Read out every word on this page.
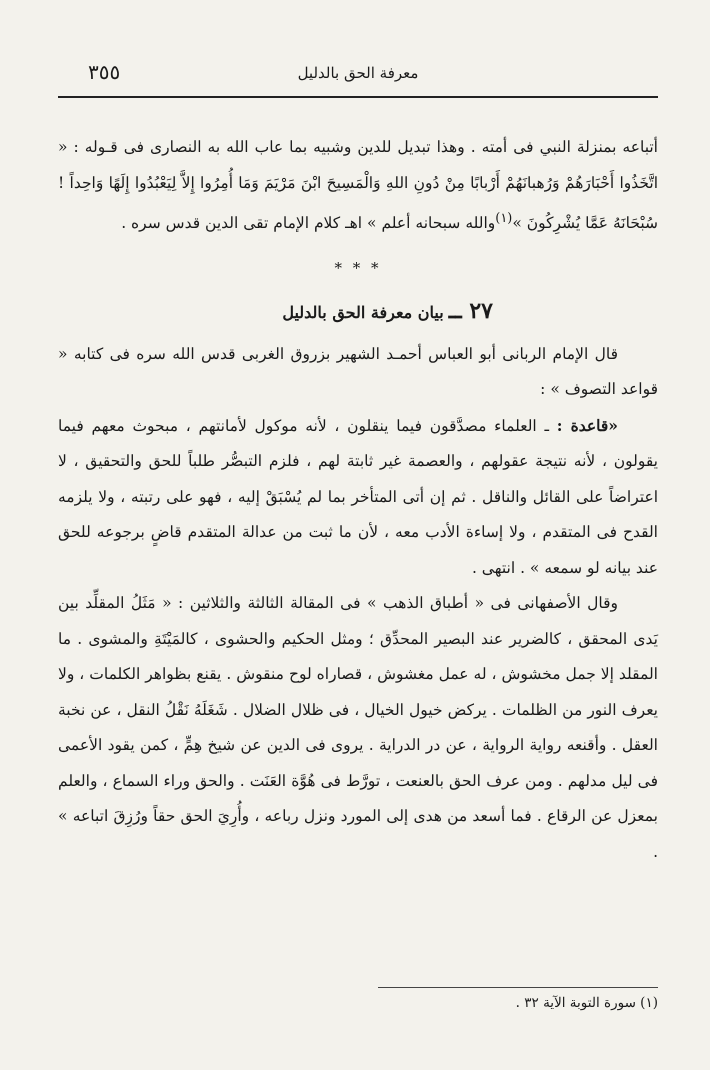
٣٥٥	معرفة الحق بالدليل

أتباعه بمنزلة النبي فى أمته . وهذا تبديل للدين وشبيه بما عاب الله به النصارى فى قـوله : « اتَّخَذُوا أَحْبَارَهُمْ وَرُهبانَهُمْ أَرْبابًا مِنْ دُونِ اللهِ وَالْمَسِيحَ ابْنَ مَرْيَمَ وَمَا أُمِرُوا إِلاَّ لِيَعْبُدُوا إِلَهًا وَاحِداً ! سُبْحَانَهُ عَمَّا يُشْرِكُونَ »$^{(١)}$والله سبحانه أعلم » اهـ كلام الإمام تقى الدين قدس سره .

* * *

٢٧ ــ بيان معرفة الحق بالدليل

قال الإمام الربانى أبو العباس أحمـد الشهير بزروق الغربى قدس الله سره فى كتابه « قواعد التصوف » :

«قاعدة : ـ العلماء مصدَّقون فيما ينقلون ، لأنه موكول لأمانتهم ، مبحوث معهم فيما يقولون ، لأنه نتيجة عقولهم ، والعصمة غير ثابتة لهم ، فلزم التبصُّر طلباً للحق والتحقيق ، لا اعتراضاً على القائل والناقل . ثم إن أتى المتأخر بما لم يُسْبَقْ إليه ، فهو على رتبته ، ولا يلزمه القدح فى المتقدم ، ولا إساءة الأدب معه ، لأن ما ثبت من عدالة المتقدم قاضٍ برجوعه للحق عند بيانه لو سمعه » . انتهى .

وقال الأصفهانى فى « أطباق الذهب » فى المقالة الثالثة والثلاثين : « مَثَلُ المقلِّد بين يَدى المحقق ، كالضرير عند البصير المحدِّق ؛ ومثل الحكيم والحشوى ، كالمَيْتَةِ والمشوى . ما المقلد إلا جمل مخشوش ، له عمل مغشوش ، قصاراه لوح منقوش . يقنع بظواهر الكلمات ، ولا يعرف النور من الظلمات . يركض خيول الخيال ، فى ظلال الضلال . شَغَلَهُ نَقْلُ النقل ، عن نخبة العقل . وأقنعه رواية الرواية ، عن در الدراية . يروى فى الدين عن شيخ هِمٍّ ، كمن يقود الأعمى فى ليل مدلهم . ومن عرف الحق بالعنعت ، تورَّط فى هُوَّة العَنَت . والحق وراء السماع ، والعلم بمعزل عن الرقاع . فما أسعد من هدى إلى المورد ونزل رباعه ، وأُرِيَ الحق حقاً ورُزِقَ اتباعه » .

(١) سورة التوبة الآية ٣٢ .
